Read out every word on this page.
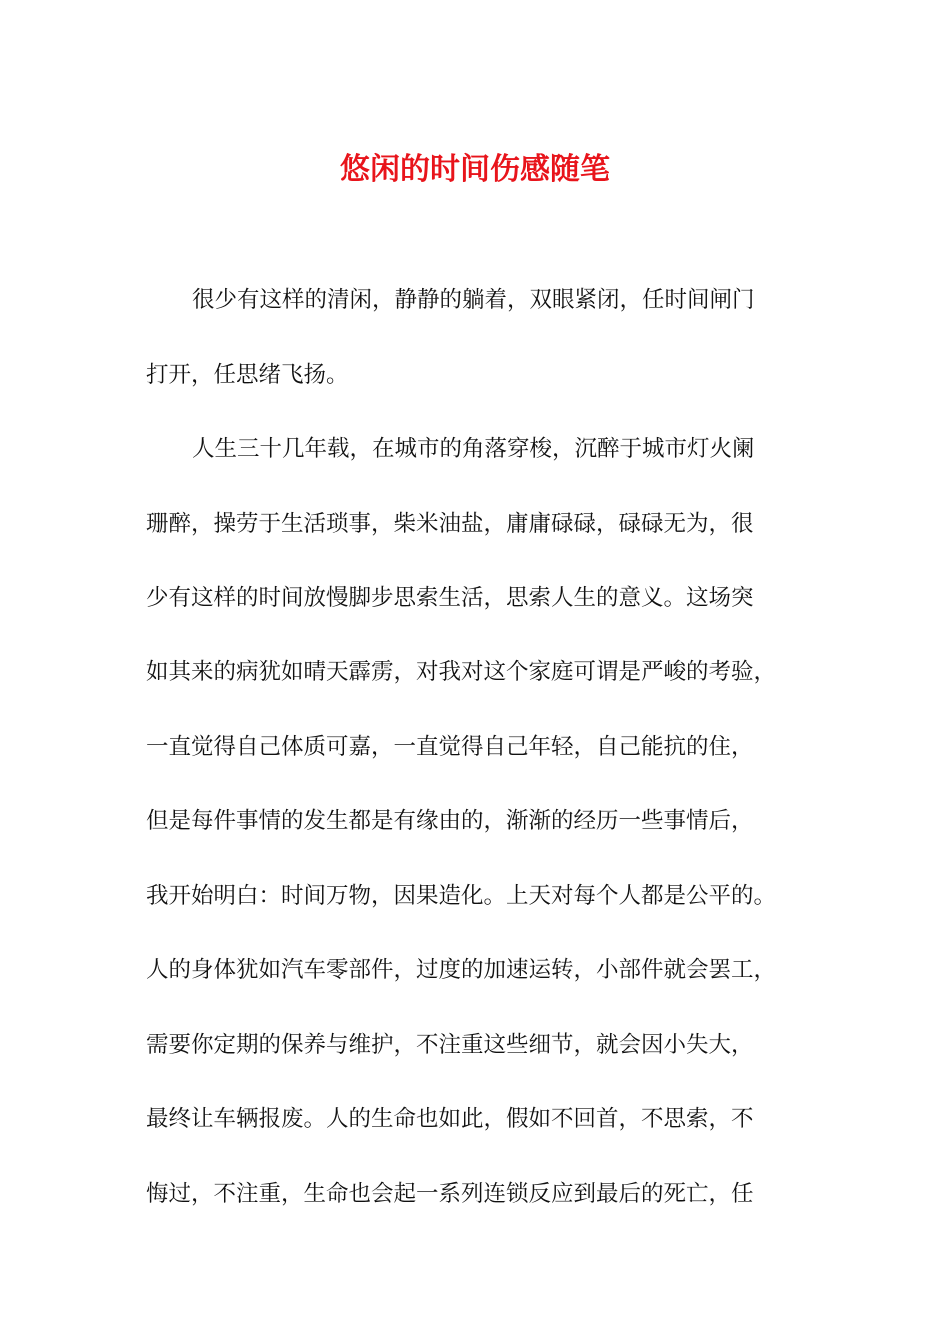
悠闲的时间伤感随笔
很少有这样的清闲，静静的躺着，双眼紧闭，任时间闸门
打开，任思绪飞扬。
人生三十几年载，在城市的角落穿梭，沉醉于城市灯火阑
珊醉，操劳于生活琐事，柴米油盐，庸庸碌碌，碌碌无为，很
少有这样的时间放慢脚步思索生活，思索人生的意义。这场突
如其来的病犹如晴天霹雳，对我对这个家庭可谓是严峻的考验，
一直觉得自己体质可嘉，一直觉得自己年轻，自己能抗的住，
但是每件事情的发生都是有缘由的，渐渐的经历一些事情后，
我开始明白：时间万物，因果造化。上天对每个人都是公平的。
人的身体犹如汽车零部件，过度的加速运转，小部件就会罢工，
需要你定期的保养与维护，不注重这些细节，就会因小失大，
最终让车辆报废。人的生命也如此，假如不回首，不思索，不
悔过，不注重，生命也会起一系列连锁反应到最后的死亡，任
